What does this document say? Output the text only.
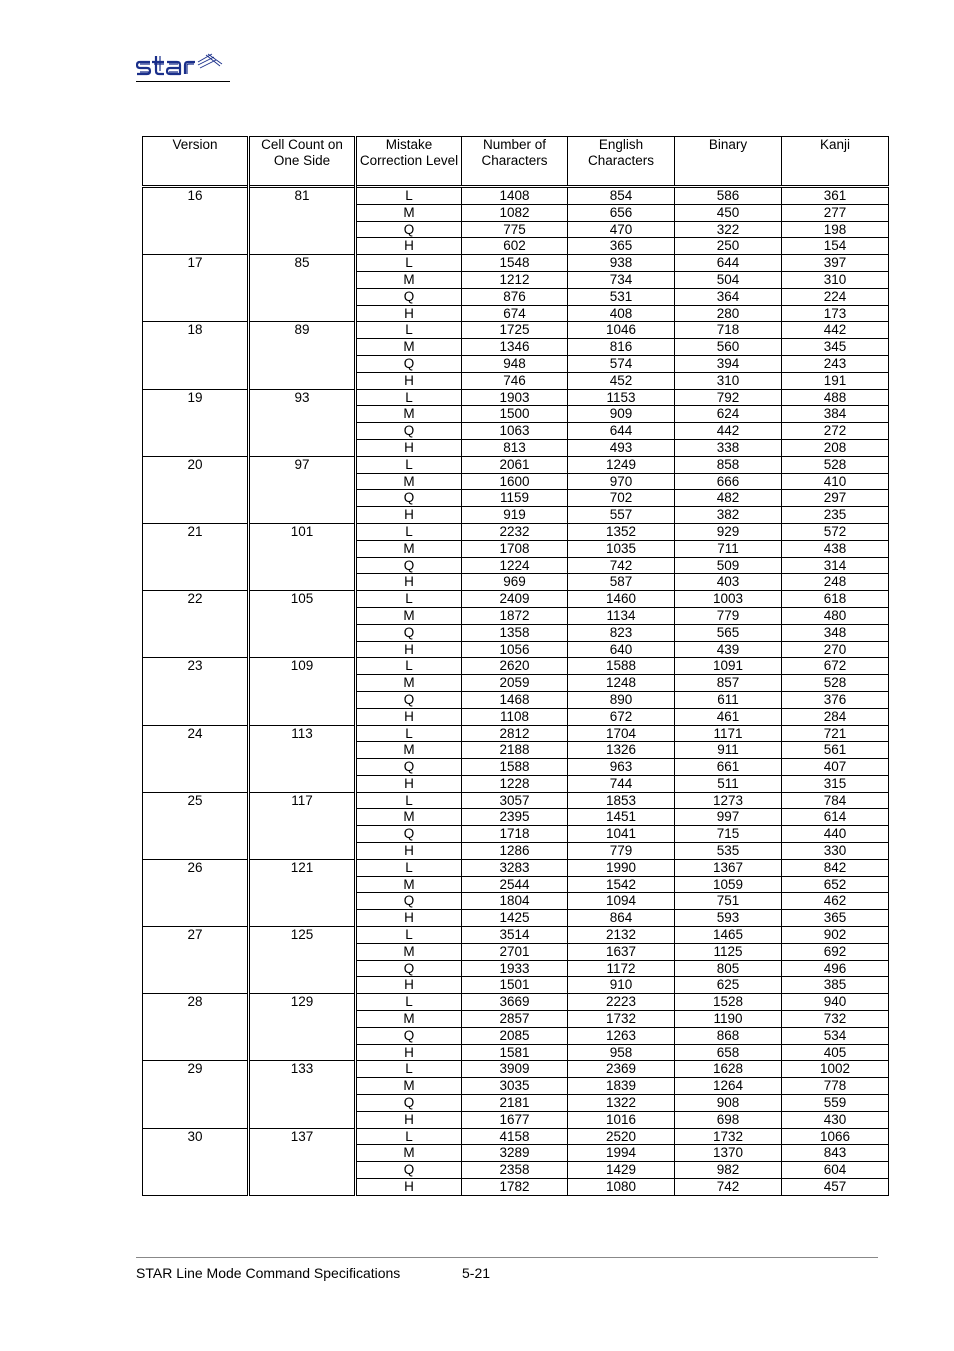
Version	Cell Count on One Side	Mistake Correction Level	Number of Characters	English Characters	Binary	Kanji
16	81	L	1408	854	586	361
		M	1082	656	450	277
		Q	775	470	322	198
		H	602	365	250	154
17	85	L	1548	938	644	397
		M	1212	734	504	310
		Q	876	531	364	224
		H	674	408	280	173
18	89	L	1725	1046	718	442
		M	1346	816	560	345
		Q	948	574	394	243
		H	746	452	310	191
19	93	L	1903	1153	792	488
		M	1500	909	624	384
		Q	1063	644	442	272
		H	813	493	338	208
20	97	L	2061	1249	858	528
		M	1600	970	666	410
		Q	1159	702	482	297
		H	919	557	382	235
21	101	L	2232	1352	929	572
		M	1708	1035	711	438
		Q	1224	742	509	314
		H	969	587	403	248
22	105	L	2409	1460	1003	618
		M	1872	1134	779	480
		Q	1358	823	565	348
		H	1056	640	439	270
23	109	L	2620	1588	1091	672
		M	2059	1248	857	528
		Q	1468	890	611	376
		H	1108	672	461	284
24	113	L	2812	1704	1171	721
		M	2188	1326	911	561
		Q	1588	963	661	407
		H	1228	744	511	315
25	117	L	3057	1853	1273	784
		M	2395	1451	997	614
		Q	1718	1041	715	440
		H	1286	779	535	330
26	121	L	3283	1990	1367	842
		M	2544	1542	1059	652
		Q	1804	1094	751	462
		H	1425	864	593	365
27	125	L	3514	2132	1465	902
		M	2701	1637	1125	692
		Q	1933	1172	805	496
		H	1501	910	625	385
28	129	L	3669	2223	1528	940
		M	2857	1732	1190	732
		Q	2085	1263	868	534
		H	1581	958	658	405
29	133	L	3909	2369	1628	1002
		M	3035	1839	1264	778
		Q	2181	1322	908	559
		H	1677	1016	698	430
30	137	L	4158	2520	1732	1066
		M	3289	1994	1370	843
		Q	2358	1429	982	604
		H	1782	1080	742	457
STAR Line Mode Command Specifications	5-21
